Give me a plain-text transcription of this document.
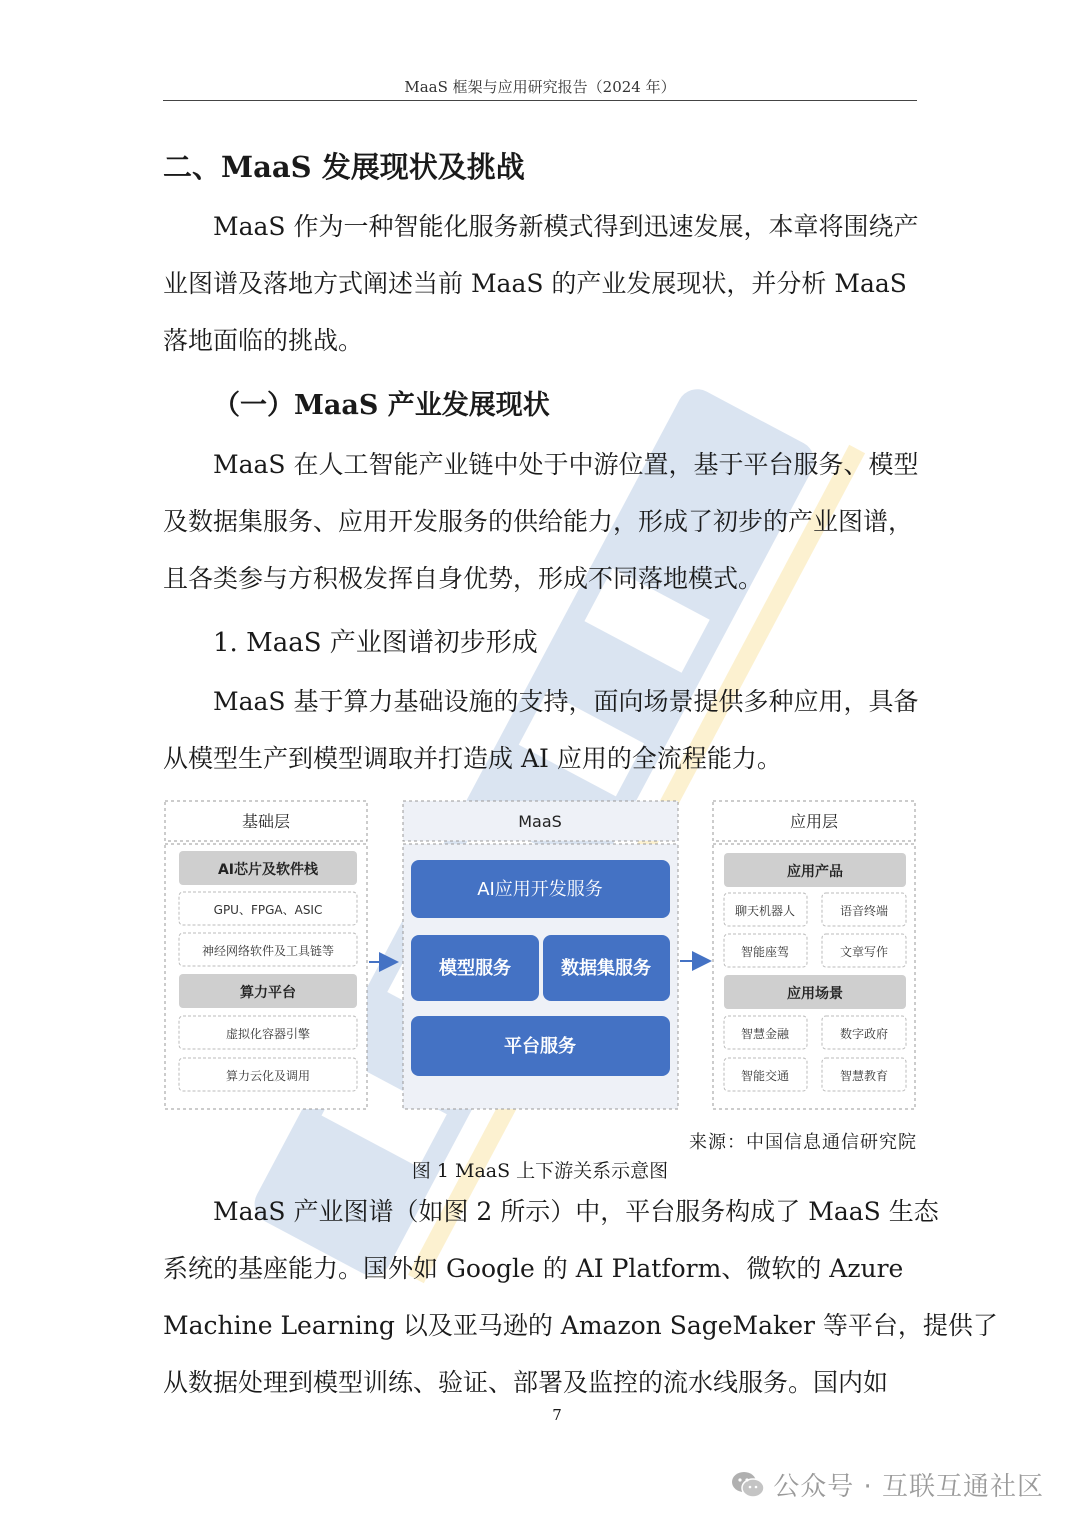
MaaS 框架与应用研究报告（2024 年）
二、MaaS 发展现状及挑战
MaaS 作为一种智能化服务新模式得到迅速发展，本章将围绕产
业图谱及落地方式阐述当前 MaaS 的产业发展现状，并分析 MaaS
落地面临的挑战。
（一）MaaS 产业发展现状
MaaS 在人工智能产业链中处于中游位置，基于平台服务、模型
及数据集服务、应用开发服务的供给能力，形成了初步的产业图谱，
且各类参与方积极发挥自身优势，形成不同落地模式。
1. MaaS 产业图谱初步形成
MaaS 基于算力基础设施的支持，面向场景提供多种应用，具备
从模型生产到模型调取并打造成 AI 应用的全流程能力。
基础层
AI芯片及软件栈
GPU、FPGA、ASIC
神经网络软件及工具链等
算力平台
虚拟化容器引擎
算力云化及调用
MaaS
AI应用开发服务
模型服务	数据集服务
平台服务
应用层
应用产品
聊天机器人	语音终端
智能座驾	文章写作
应用场景
智慧金融	数字政府
智能交通	智慧教育
来源：中国信息通信研究院
图 1 MaaS 上下游关系示意图
MaaS 产业图谱（如图 2 所示）中，平台服务构成了 MaaS 生态
系统的基座能力。国外如 Google 的 AI Platform、微软的 Azure
Machine Learning 以及亚马逊的 Amazon SageMaker 等平台，提供了
从数据处理到模型训练、验证、部署及监控的流水线服务。国内如
7
公众号 · 互联互通社区
